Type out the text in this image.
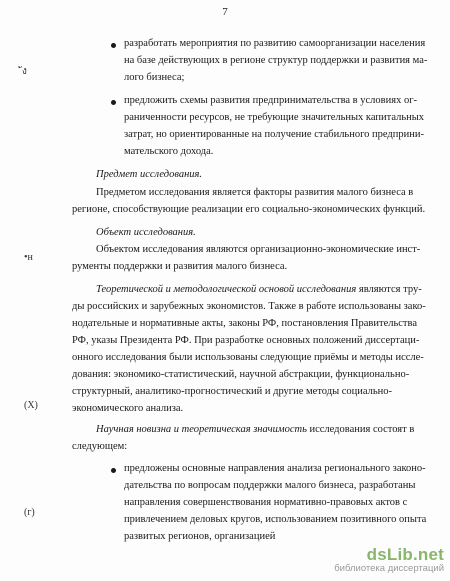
7
ัง
•н
(Х)
(г)
разработать мероприятия по развитию самоорганизации населения
на базе действующих в регионе структур поддержки и развития ма-
лого бизнеса;
предложить схемы развития предпринимательства в условиях ог-
раниченности ресурсов, не требующие значительных капитальных
затрат, но ориентированные на получение стабильного предприни-
мательского дохода.
Предмет исследования.
Предметом исследования является факторы развития малого бизнеса в
регионе, способствующие реализации его социально-экономических функций.
Объект исследования.
Объектом исследования являются организационно-экономические инст-
рументы поддержки и развития малого бизнеса.
Теоретической и методологической основой исследования являются тру-
ды российских и зарубежных экономистов. Также в работе использованы зако-
нодательные и нормативные акты, законы РФ, постановления Правительства
РФ, указы Президента РФ. При разработке основных положений диссертаци-
онного исследования были использованы следующие приёмы и методы иссле-
дования: экономико-статистический, научной абстракции, функционально-
структурный, аналитико-прогностический и другие методы социально-
экономического анализа.
Научная новизна и теоретическая значимость исследования состоят в
следующем:
предложены основные направления анализа регионального законо-
дательства по вопросам поддержки малого бизнеса, разработаны
направления совершенствования нормативно-правовых актов с
привлечением деловых кругов, использованием позитивного опыта
развитых регионов, организацией
dsLib.net
библиотека диссертаций
